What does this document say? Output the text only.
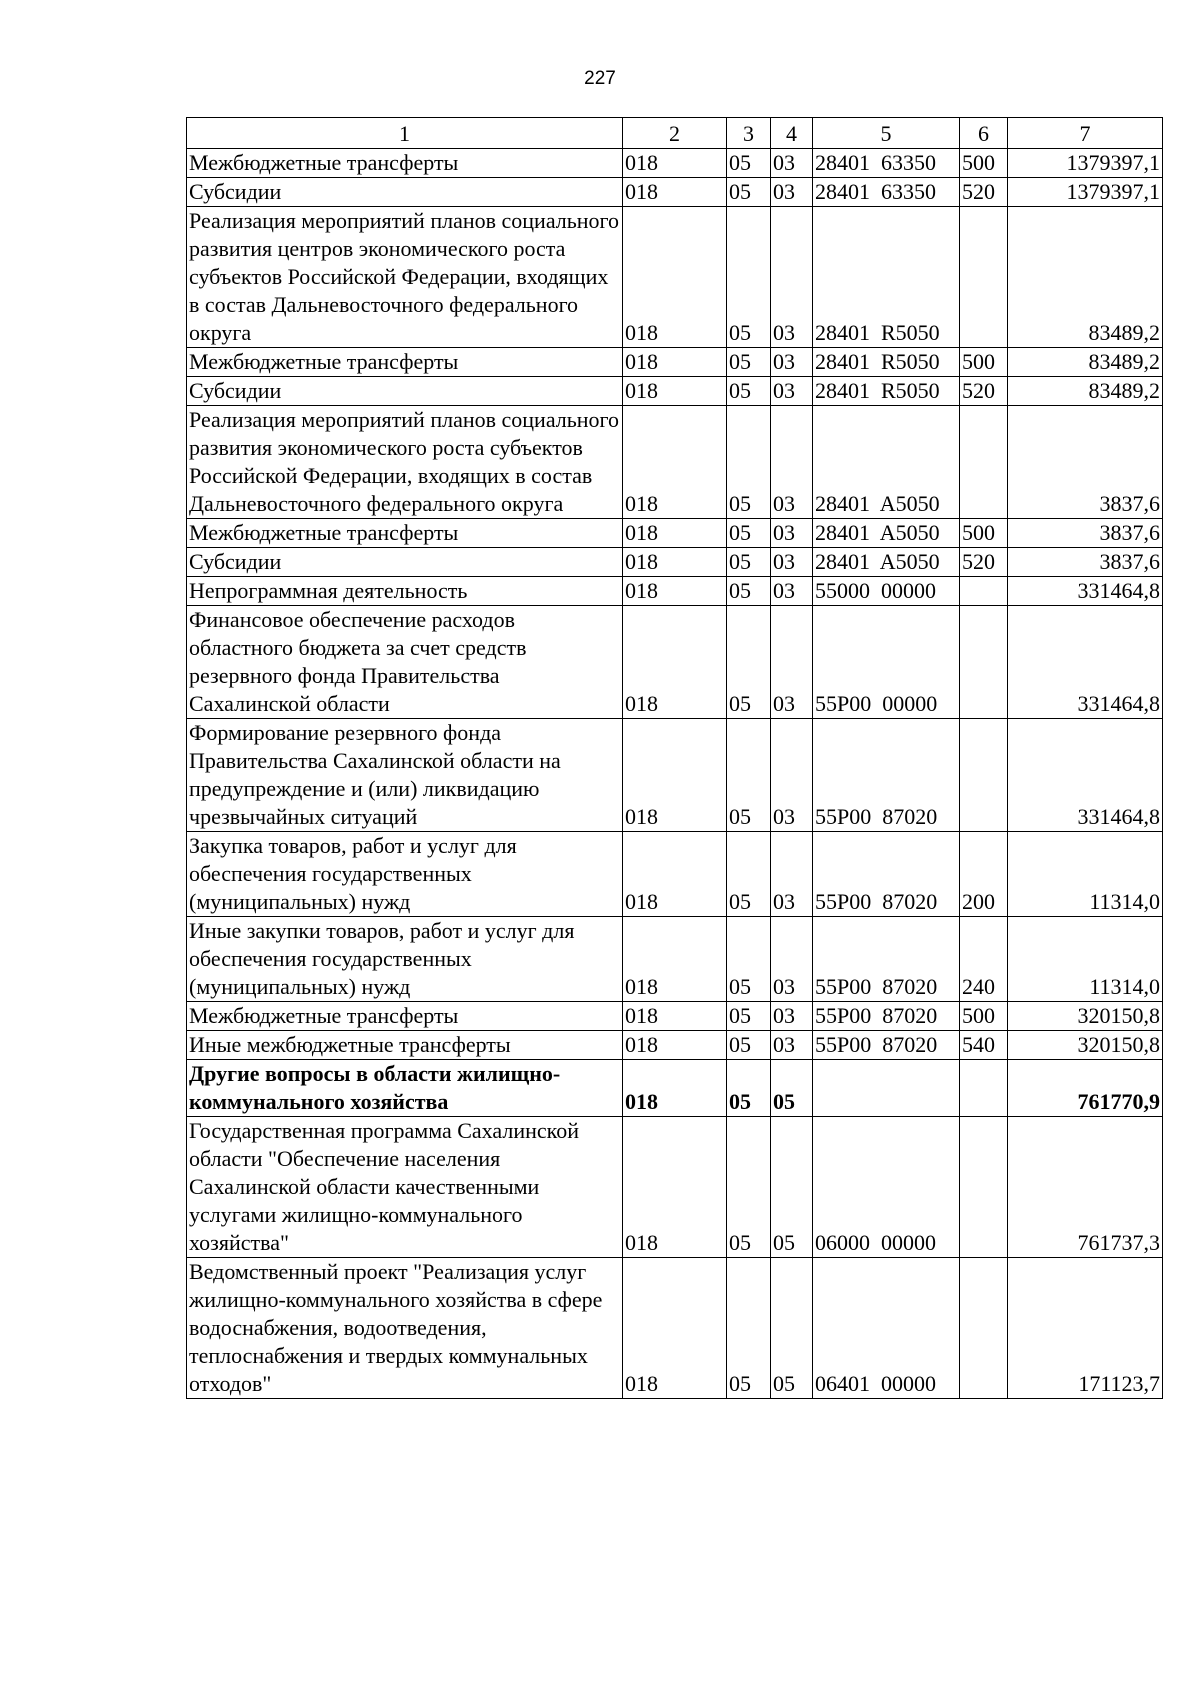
227
1	2	3	4	5	6	7
Межбюджетные трансферты	018	05	03	28401  63350	500	1379397,1
Субсидии	018	05	03	28401  63350	520	1379397,1
Реализация мероприятий планов социального развития центров экономического роста субъектов Российской Федерации, входящих в состав Дальневосточного федерального округа	018	05	03	28401  R5050		83489,2
Межбюджетные трансферты	018	05	03	28401  R5050	500	83489,2
Субсидии	018	05	03	28401  R5050	520	83489,2
Реализация мероприятий планов социального развития экономического роста субъектов Российской Федерации, входящих в состав Дальневосточного федерального округа	018	05	03	28401  A5050		3837,6
Межбюджетные трансферты	018	05	03	28401  A5050	500	3837,6
Субсидии	018	05	03	28401  A5050	520	3837,6
Непрограммная деятельность	018	05	03	55000  00000		331464,8
Финансовое обеспечение расходов областного бюджета за счет средств резервного фонда Правительства Сахалинской области	018	05	03	55P00  00000		331464,8
Формирование резервного фонда Правительства Сахалинской области на предупреждение и (или) ликвидацию чрезвычайных ситуаций	018	05	03	55P00  87020		331464,8
Закупка товаров, работ и услуг для обеспечения государственных (муниципальных) нужд	018	05	03	55P00  87020	200	11314,0
Иные закупки товаров, работ и услуг для обеспечения государственных (муниципальных) нужд	018	05	03	55P00  87020	240	11314,0
Межбюджетные трансферты	018	05	03	55P00  87020	500	320150,8
Иные межбюджетные трансферты	018	05	03	55P00  87020	540	320150,8
Другие вопросы в области жилищно-коммунального хозяйства	018	05	05			761770,9
Государственная программа Сахалинской области "Обеспечение населения Сахалинской области качественными услугами жилищно-коммунального хозяйства"	018	05	05	06000  00000		761737,3
Ведомственный проект "Реализация услуг жилищно-коммунального хозяйства в сфере водоснабжения, водоотведения, теплоснабжения и твердых коммунальных отходов"	018	05	05	06401  00000		171123,7
